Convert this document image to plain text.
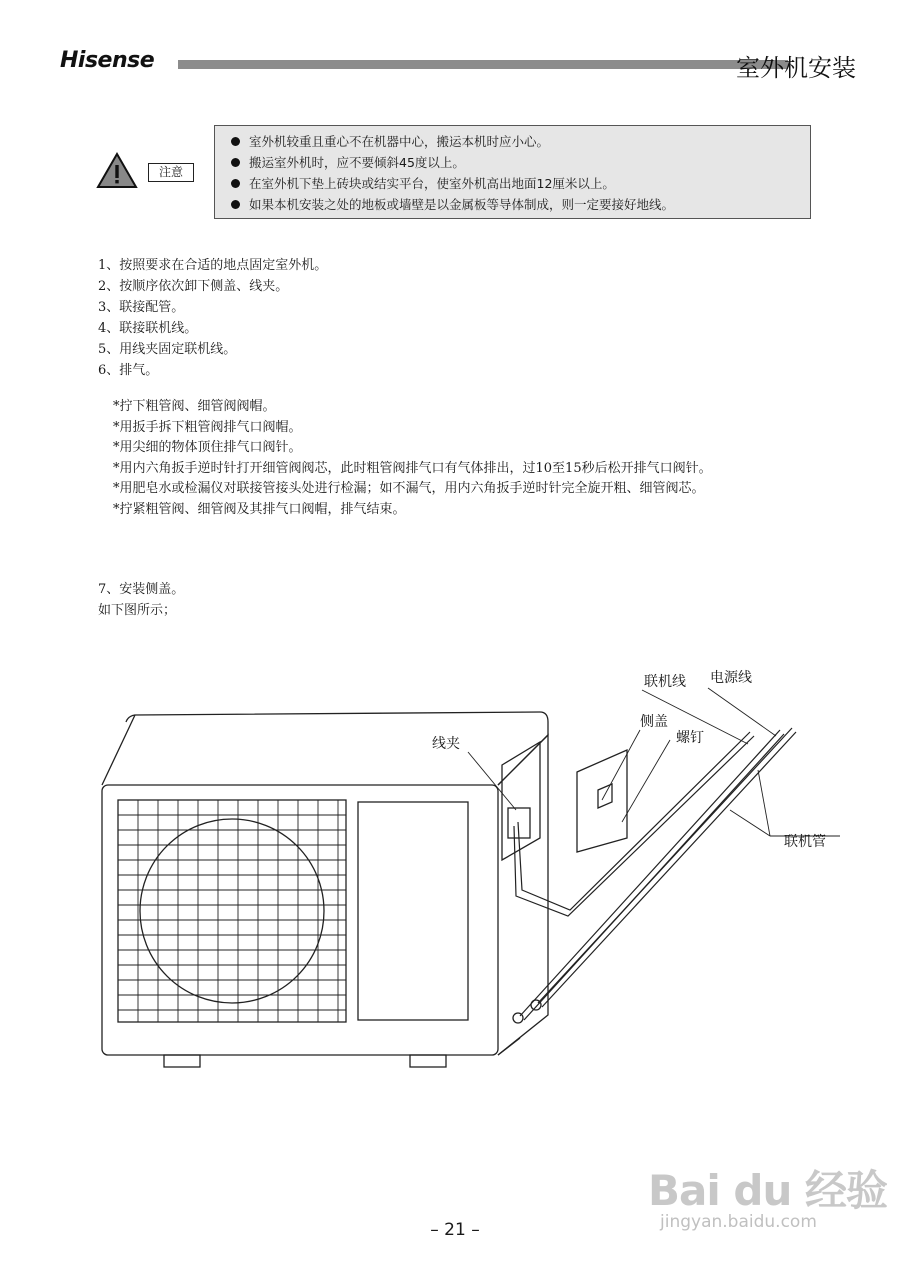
Hisense	室外机安装
注意
室外机较重且重心不在机器中心，搬运本机时应小心。
搬运室外机时，应不要倾斜45度以上。
在室外机下垫上砖块或结实平台，使室外机高出地面12厘米以上。
如果本机安装之处的地板或墙壁是以金属板等导体制成，则一定要接好地线。
1、按照要求在合适的地点固定室外机。
2、按顺序依次卸下侧盖、线夹。
3、联接配管。
4、联接联机线。
5、用线夹固定联机线。
6、排气。
*拧下粗管阀、细管阀阀帽。
*用扳手拆下粗管阀排气口阀帽。
*用尖细的物体顶住排气口阀针。
*用内六角扳手逆时针打开细管阀阀芯，此时粗管阀排气口有气体排出，过10至15秒后松开排气口阀针。
*用肥皂水或检漏仪对联接管接头处进行检漏；如不漏气，用内六角扳手逆时针完全旋开粗、细管阀芯。
*拧紧粗管阀、细管阀及其排气口阀帽，排气结束。
7、安装侧盖。
如下图所示；
联机线 电源线
侧盖
螺钉
线夹
联机管
– 21 –
Bai du 经验
jingyan.baidu.com
